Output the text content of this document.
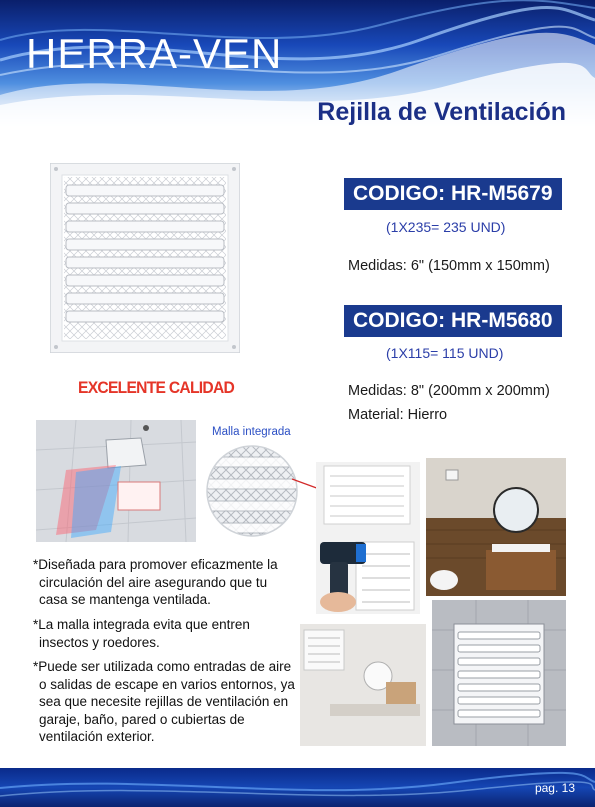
HERRA-VEN
Rejilla de Ventilación
EXCELENTE CALIDAD
CODIGO: HR-M5679
(1X235= 235 UND)
Medidas: 6" (150mm x 150mm)
CODIGO: HR-M5680
(1X115= 115 UND)
Medidas: 8" (200mm x 200mm)
Material: Hierro
Malla integrada

*Diseñada para promover eficazmente la circulación del aire asegurando que tu casa se mantenga ventilada.

*La malla integrada evita que entren insectos y roedores.

*Puede ser utilizada como entradas de aire o salidas de escape en varios entornos, ya sea que necesite rejillas de ventilación en garaje, baño, pared o cubiertas de ventilación exterior.

pag. 13
